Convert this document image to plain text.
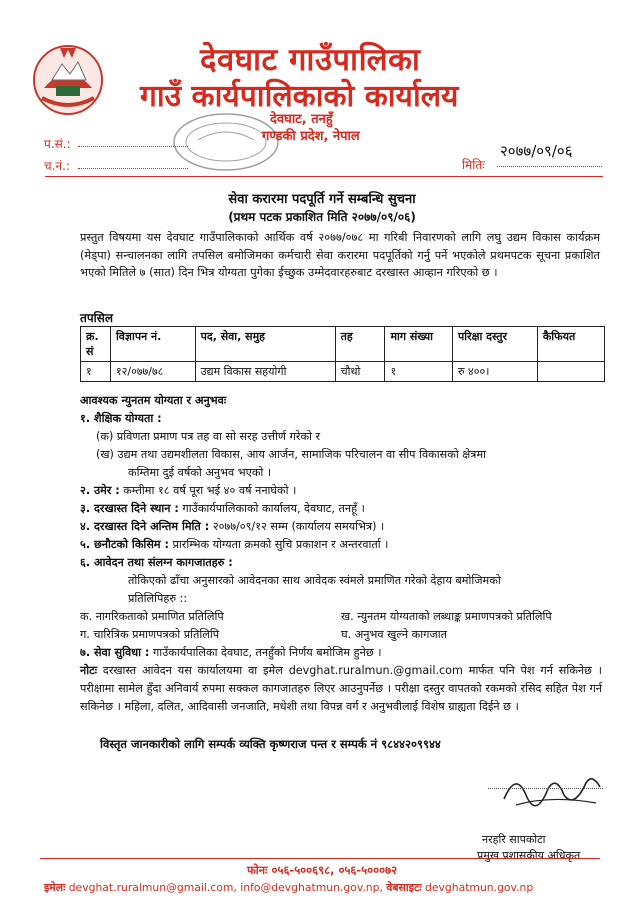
देवघाट गाउँपालिका
गाउँ कार्यपालिकाको कार्यालय
देवघाट, तनहुँ
गण्डकी प्रदेश, नेपाल
प.सं.:
च.नं.:
२०७७/०९/०६
मितिः
सेवा करारमा पदपूर्ति गर्ने सम्बन्धि सुचना
(प्रथम पटक प्रकाशित मिति २०७७/०९/०६)
प्रस्तुत विषयमा यस देवघाट गाउँपालिकाको आर्थिक वर्ष २०७७/०७८ मा गरिबी निवारणको लागि लघु उद्यम विकास कार्यक्रम (मेड्पा) सन्चालनका लागि तपसिल बमोजिमका कर्मचारी सेवा करारमा पदपूर्तिको गर्नु पर्ने भएकोले प्रथमपटक सूचना प्रकाशित भएको मितिले ७ (सात) दिन भित्र योग्यता पुगेका ईच्छुक उम्मेदवारहरुबाट दरखास्त आव्हान गरिएको छ ।
तपसिल
क्र. सं	विज्ञापन नं.	पद, सेवा, समुह	तह	माग संख्या	परिक्षा दस्तुर	कैफियत
१	१२/०७७/७८	उद्यम विकास सहयोगी	चौथो	१	रु ४००।	
आवश्यक न्युनतम योग्यता र अनुभवः
१. शैक्षिक योग्यता :
(क) प्रविणता प्रमाण पत्र तह वा सो सरह उत्तीर्ण गरेको र
(ख) उद्यम तथा उद्यमशीलता विकास, आय आर्जन, सामाजिक परिचालन वा सीप विकासको क्षेत्रमा
कम्तिमा दुई वर्षको अनुभव भएको ।
२. उमेर : कम्तीमा १८ वर्ष पूरा भई ४० वर्ष ननाघेको ।
३. दरखास्त दिने स्थान : गाउँकार्यपालिकाको कार्यालय, देवघाट, तनहूँ ।
४. दरखास्त दिने अन्तिम मिति : २०७७/०९/१२ सम्म (कार्यालय समयभित्र) ।
५. छनौटको किसिम : प्रारम्भिक योग्यता क्रमको सुचि प्रकाशन र अन्तरवार्ता ।
६. आवेदन तथा संलग्न कागजातहरु :
तोकिएको ढाँचा अनुसारको आवेदनका साथ आवेदक स्वंमले प्रमाणित गरेको देहाय बमोजिमको
प्रतिलिपिहरु ::
क. नागरिकताको प्रमाणित प्रतिलिपि	ख. न्युनतम योग्यताको लब्धाङ्क प्रमाणपत्रको प्रतिलिपि
ग. चारित्रिक प्रमाणपत्रको प्रतिलिपि	घ. अनुभव खुल्ने कागजात
७. सेवा सुविधा : गाउँकार्यपालिका देवघाट, तनहुँको निर्णय बमोजिम हुनेछ ।
नोटः दरखास्त आवेदन यस कार्यालयमा वा इमेल devghat.ruralmun.@gmail.com मार्फत पनि पेश गर्न सकिनेछ । परीक्षामा सामेल हुँदा अनिवार्य रुपमा सक्कल कागजातहरु लिएर आउनुपर्नेछ । परीक्षा दस्तुर वापतको रकमको रसिद सहित पेश गर्न सकिनेछ । महिला, दलित, आदिवासी जनजाति, मधेशी तथा विपन्न वर्ग र अनुभवीलाई विशेष ग्राह्यता दिईने छ ।
विस्तृत जानकारीको लागि सम्पर्क व्यक्ति कृष्णराज पन्त र सम्पर्क नं ९८४४२०९९४४
नरहरि सापकोटा
प्रमुख प्रशासकीय अधिकृत
फोनः ०५६-५००६९८, ०५६-५०००७२
इमेलः devghat.ruralmun@gmail.com, info@devghatmun.gov.np, वेबसाइटः devghatmun.gov.np
